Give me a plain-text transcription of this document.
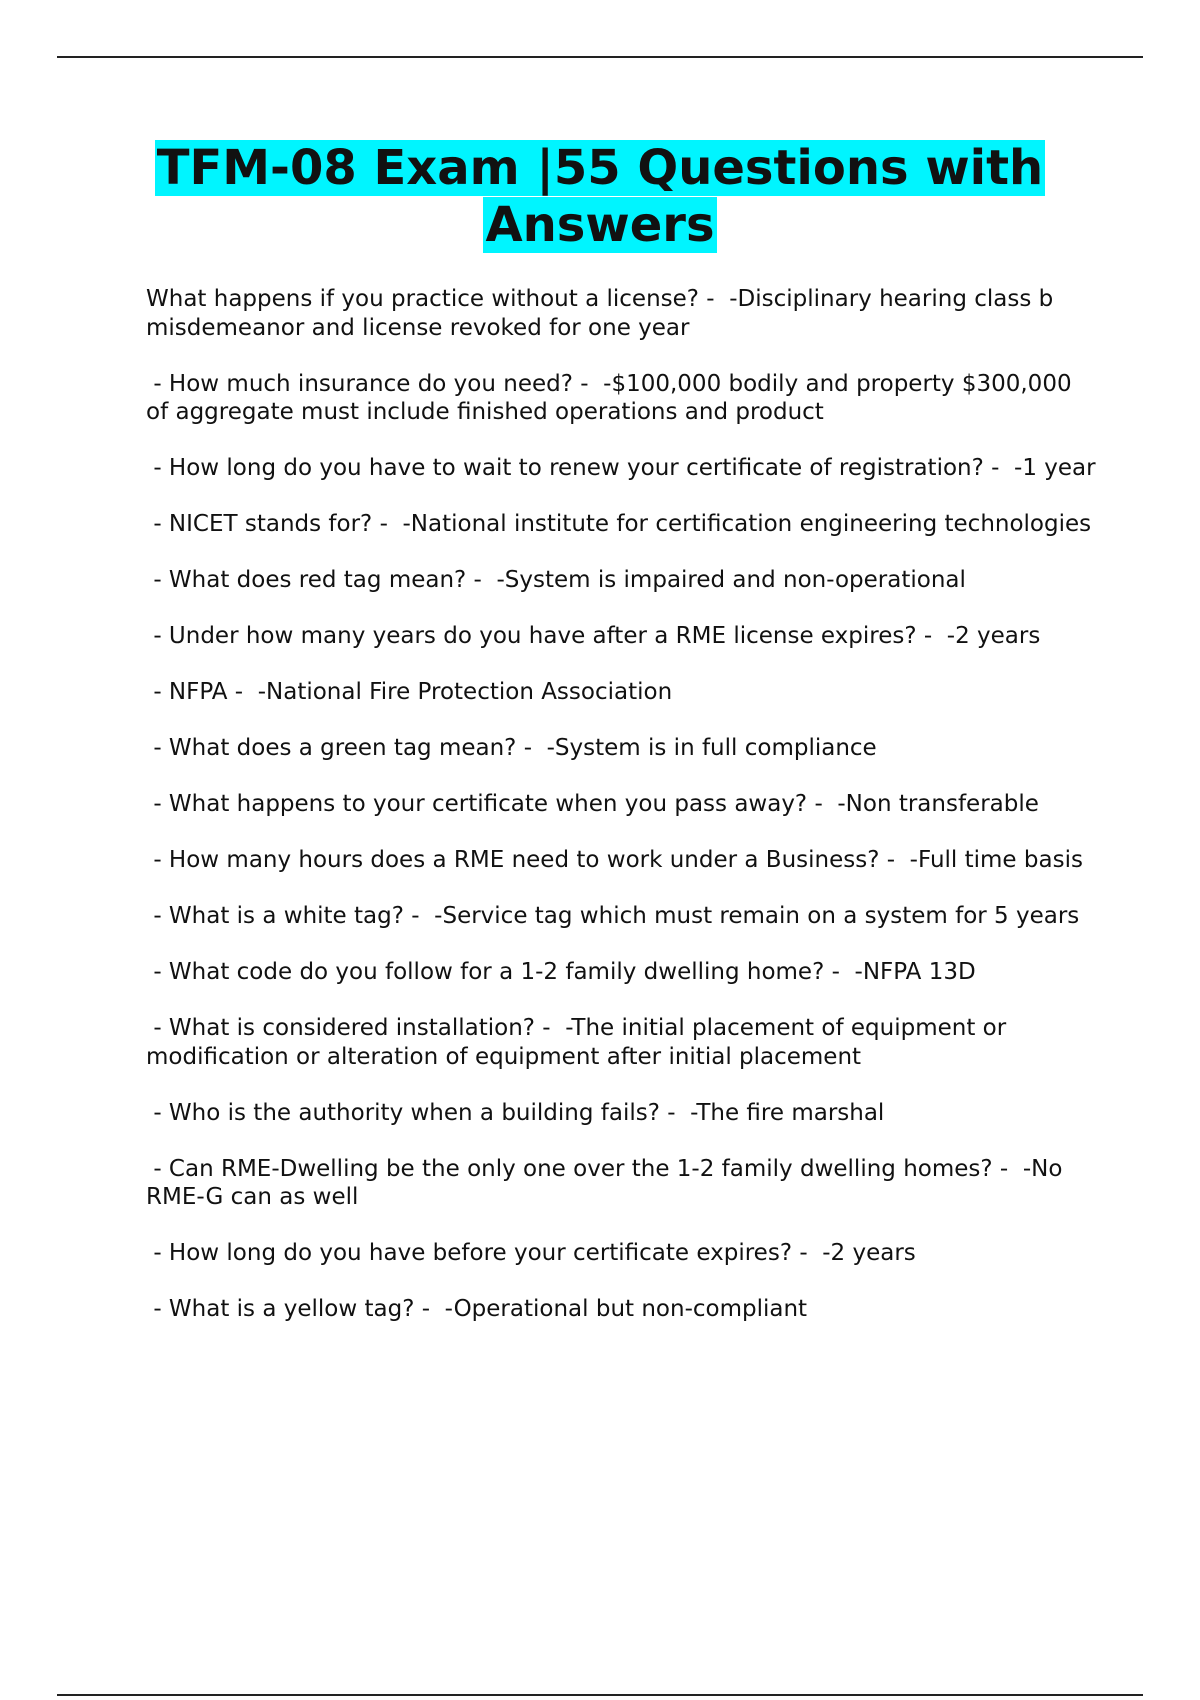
TFM-08 Exam |55 Questions with
Answers
What happens if you practice without a license? -  -Disciplinary hearing class b misdemeanor and license revoked for one year
- How much insurance do you need? -  -$100,000 bodily and property $300,000 of aggregate must include finished operations and product
- How long do you have to wait to renew your certificate of registration? -  -1 year
- NICET stands for? -  -National institute for certification engineering technologies
- What does red tag mean? -  -System is impaired and non-operational
- Under how many years do you have after a RME license expires? -  -2 years
- NFPA -  -National Fire Protection Association
- What does a green tag mean? -  -System is in full compliance
- What happens to your certificate when you pass away? -  -Non transferable
- How many hours does a RME need to work under a Business? -  -Full time basis
- What is a white tag? -  -Service tag which must remain on a system for 5 years
- What code do you follow for a 1-2 family dwelling home? -  -NFPA 13D
- What is considered installation? -  -The initial placement of equipment or modification or alteration of equipment after initial placement
- Who is the authority when a building fails? -  -The fire marshal
- Can RME-Dwelling be the only one over the 1-2 family dwelling homes? -  -No RME-G can as well
- How long do you have before your certificate expires? -  -2 years
- What is a yellow tag? -  -Operational but non-compliant
